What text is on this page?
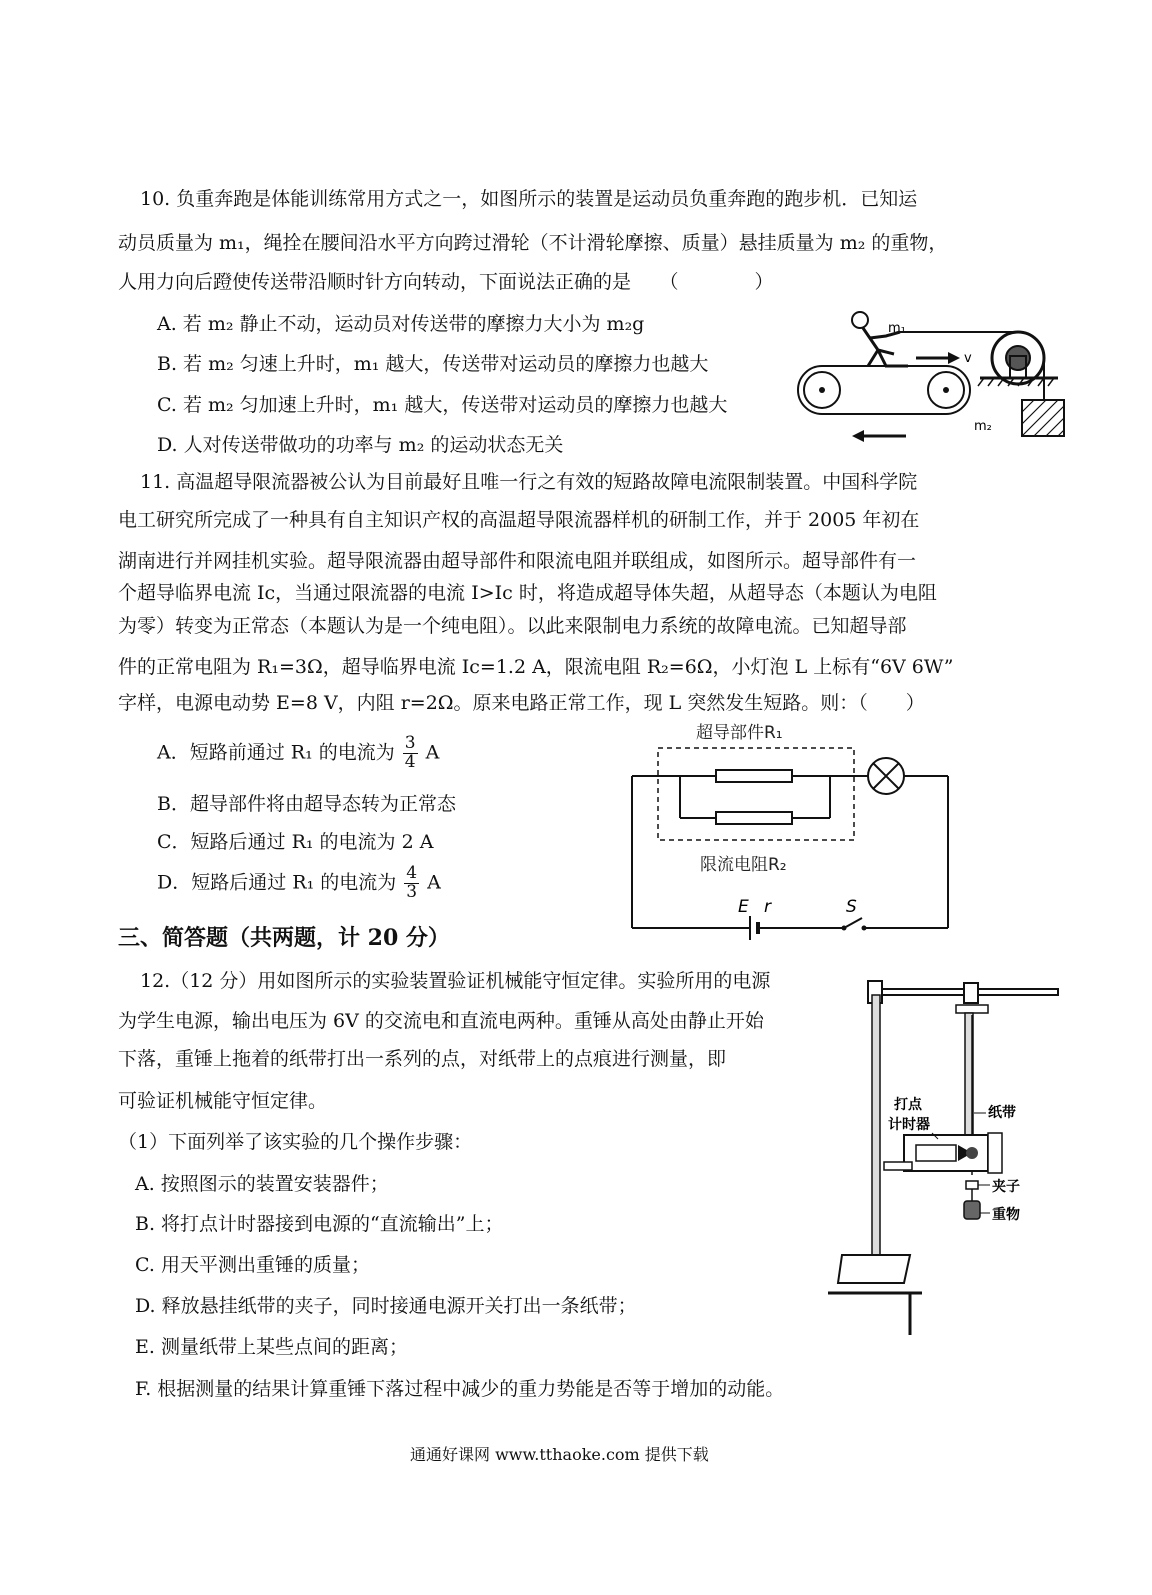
10. 负重奔跑是体能训练常用方式之一，如图所示的装置是运动员负重奔跑的跑步机．已知运
动员质量为 m₁，绳拴在腰间沿水平方向跨过滑轮（不计滑轮摩擦、质量）悬挂质量为 m₂ 的重物，
人用力向后蹬使传送带沿顺时针方向转动，下面说法正确的是　　（　　　　）
A. 若 m₂ 静止不动，运动员对传送带的摩擦力大小为 m₂g
B. 若 m₂ 匀速上升时，m₁ 越大，传送带对运动员的摩擦力也越大
C. 若 m₂ 匀加速上升时，m₁ 越大，传送带对运动员的摩擦力也越大
D. 人对传送带做功的功率与 m₂ 的运动状态无关
m₁
v
m₂
11. 高温超导限流器被公认为目前最好且唯一行之有效的短路故障电流限制装置。中国科学院
电工研究所完成了一种具有自主知识产权的高温超导限流器样机的研制工作，并于 2005 年初在
湖南进行并网挂机实验。超导限流器由超导部件和限流电阻并联组成，如图所示。超导部件有一
个超导临界电流 Ic，当通过限流器的电流 I>Ic 时，将造成超导体失超，从超导态（本题认为电阻
为零）转变为正常态（本题认为是一个纯电阻）。以此来限制电力系统的故障电流。已知超导部
件的正常电阻为 R₁=3Ω，超导临界电流 Ic=1.2 A，限流电阻 R₂=6Ω，小灯泡 L 上标有“6V 6W”
字样，电源电动势 E=8 V，内阻 r=2Ω。原来电路正常工作，现 L 突然发生短路。则：（　　）
A．短路前通过 R₁ 的电流为 $\frac{3}{4}$ A
B．超导部件将由超导态转为正常态
C．短路后通过 R₁ 的电流为 2 A
D．短路后通过 R₁ 的电流为 $\frac{4}{3}$ A
超导部件R₁
限流电阻R₂
E r	S
三、简答题（共两题，计 20 分）
12.（12 分）用如图所示的实验装置验证机械能守恒定律。实验所用的电源
为学生电源，输出电压为 6V 的交流电和直流电两种。重锤从高处由静止开始
下落，重锤上拖着的纸带打出一系列的点，对纸带上的点痕进行测量，即
可验证机械能守恒定律。
（1）下面列举了该实验的几个操作步骤：
A. 按照图示的装置安装器件；
B. 将打点计时器接到电源的“直流输出”上；
C. 用天平测出重锤的质量；
D. 释放悬挂纸带的夹子，同时接通电源开关打出一条纸带；
E. 测量纸带上某些点间的距离；
F. 根据测量的结果计算重锤下落过程中减少的重力势能是否等于增加的动能。
打点
计时器
纸带
夹子
重物
通通好课网 www.tthaoke.com 提供下载
